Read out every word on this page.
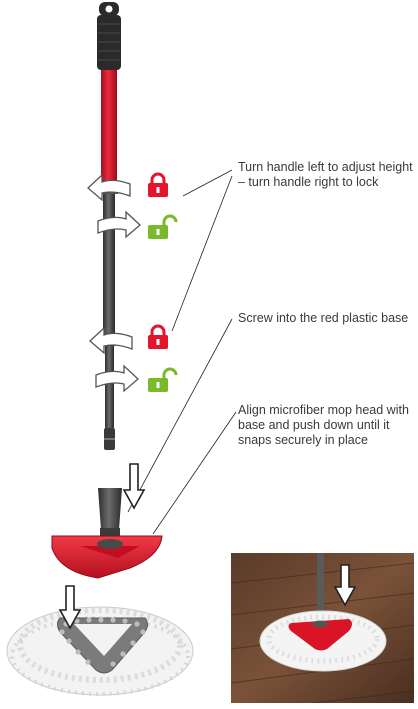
Turn handle left to adjust height – turn handle right to lock

Screw into the red plastic base

Align microfiber mop head with base and push down until it snaps securely in place
